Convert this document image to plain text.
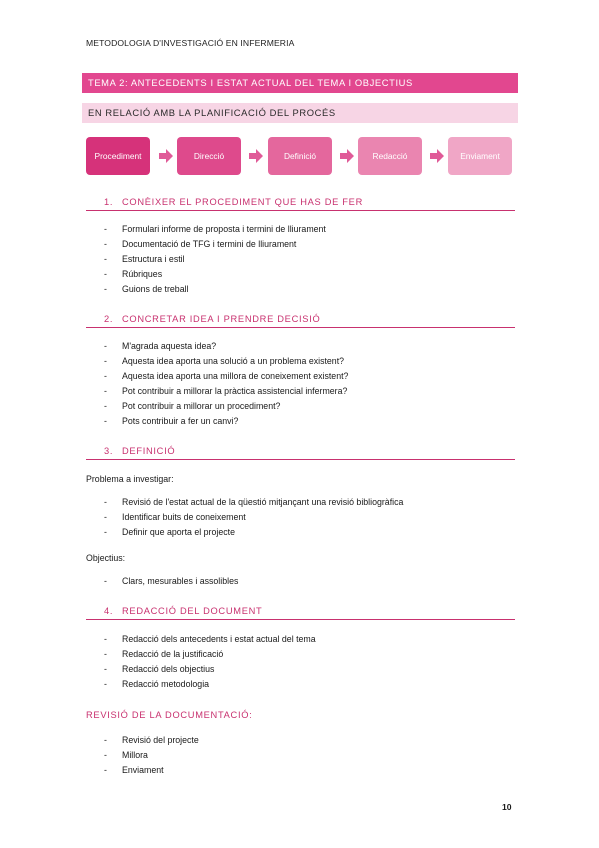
METODOLOGIA D'INVESTIGACIÓ EN INFERMERIA
TEMA 2: ANTECEDENTS I ESTAT ACTUAL DEL TEMA I OBJECTIUS
EN RELACIÓ AMB LA PLANIFICACIÓ DEL PROCÉS
Procediment	Direcció	Definició	Redacció	Enviament
1. CONÈIXER EL PROCEDIMENT QUE HAS DE FER
- Formulari informe de proposta i termini de lliurament
- Documentació de TFG i termini de lliurament
- Estructura i estil
- Rúbriques
- Guions de treball
2. CONCRETAR IDEA I PRENDRE DECISIÓ
- M'agrada aquesta idea?
- Aquesta idea aporta una solució a un problema existent?
- Aquesta idea aporta una millora de coneixement existent?
- Pot contribuir a millorar la pràctica assistencial infermera?
- Pot contribuir a millorar un procediment?
- Pots contribuir a fer un canvi?
3. DEFINICIÓ
Problema a investigar:
- Revisió de l'estat actual de la qüestió mitjançant una revisió bibliogràfica
- Identificar buits de coneixement
- Definir que aporta el projecte
Objectius:
- Clars, mesurables i assolibles
4. REDACCIÓ DEL DOCUMENT
- Redacció dels antecedents i estat actual del tema
- Redacció de la justificació
- Redacció dels objectius
- Redacció metodologia
REVISIÓ DE LA DOCUMENTACIÓ:
- Revisió del projecte
- Millora
- Enviament
10
